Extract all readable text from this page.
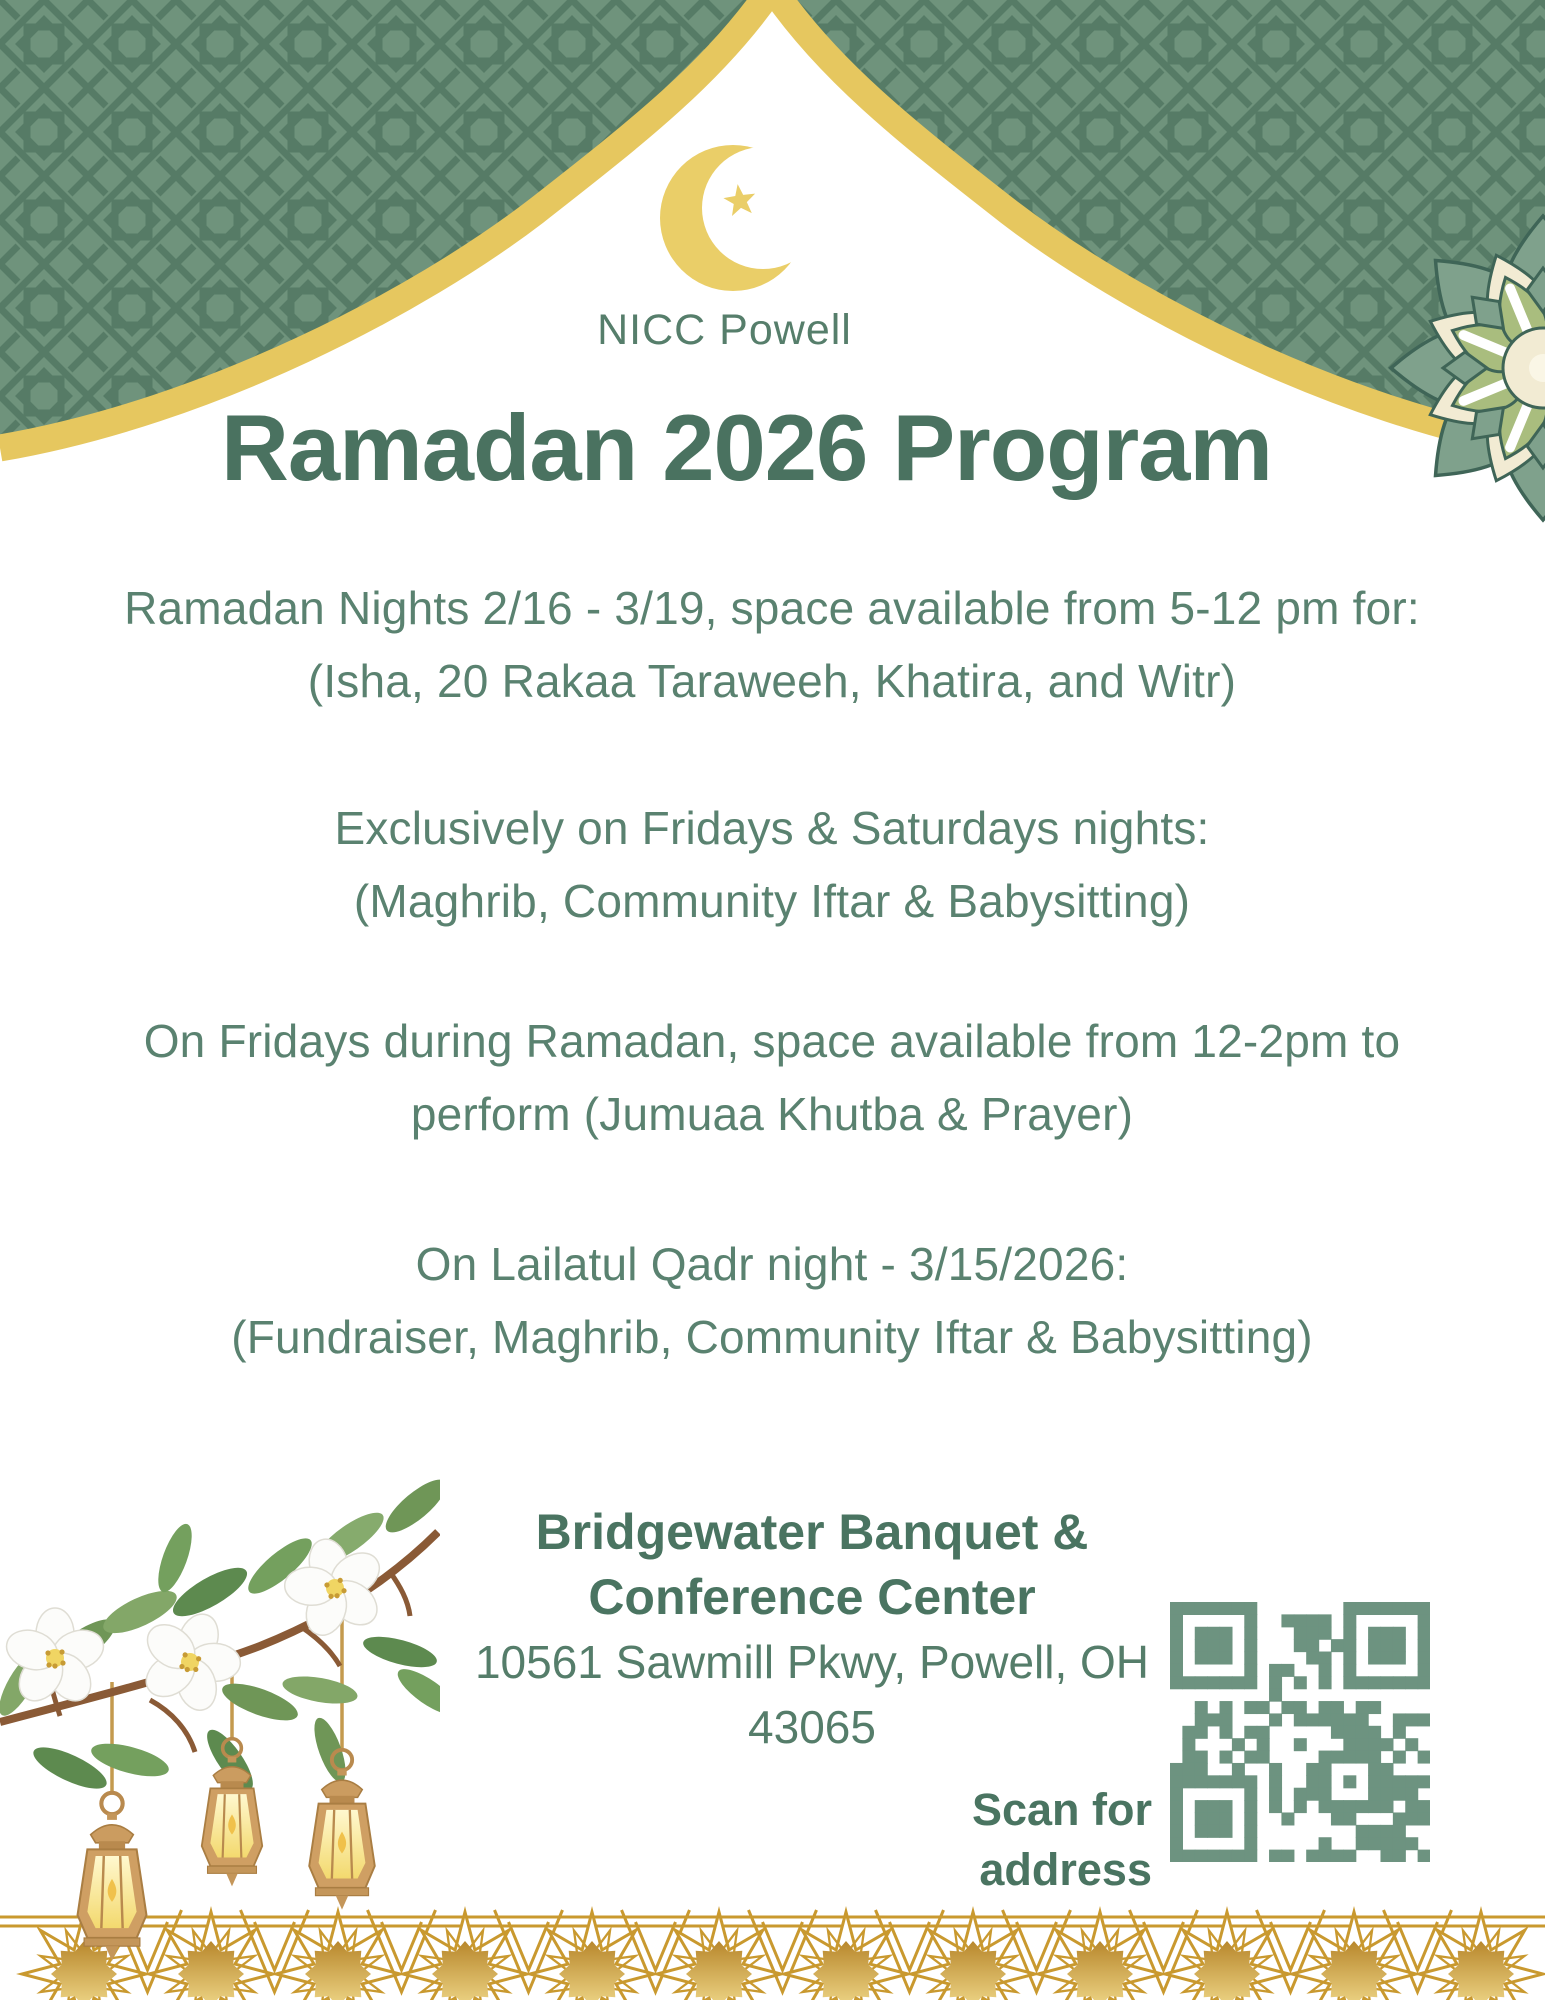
NICC Powell
Ramadan 2026 Program
Ramadan Nights 2/16 - 3/19, space available from 5-12 pm for:
(Isha, 20 Rakaa Taraweeh, Khatira, and Witr)
Exclusively on Fridays & Saturdays nights:
(Maghrib, Community Iftar & Babysitting)
On Fridays during Ramadan, space available from 12-2pm to
perform (Jumuaa Khutba & Prayer)
On Lailatul Qadr night - 3/15/2026:
(Fundraiser, Maghrib, Community Iftar & Babysitting)
Bridgewater Banquet &
Conference Center
10561 Sawmill Pkwy, Powell, OH
43065
Scan for
address
